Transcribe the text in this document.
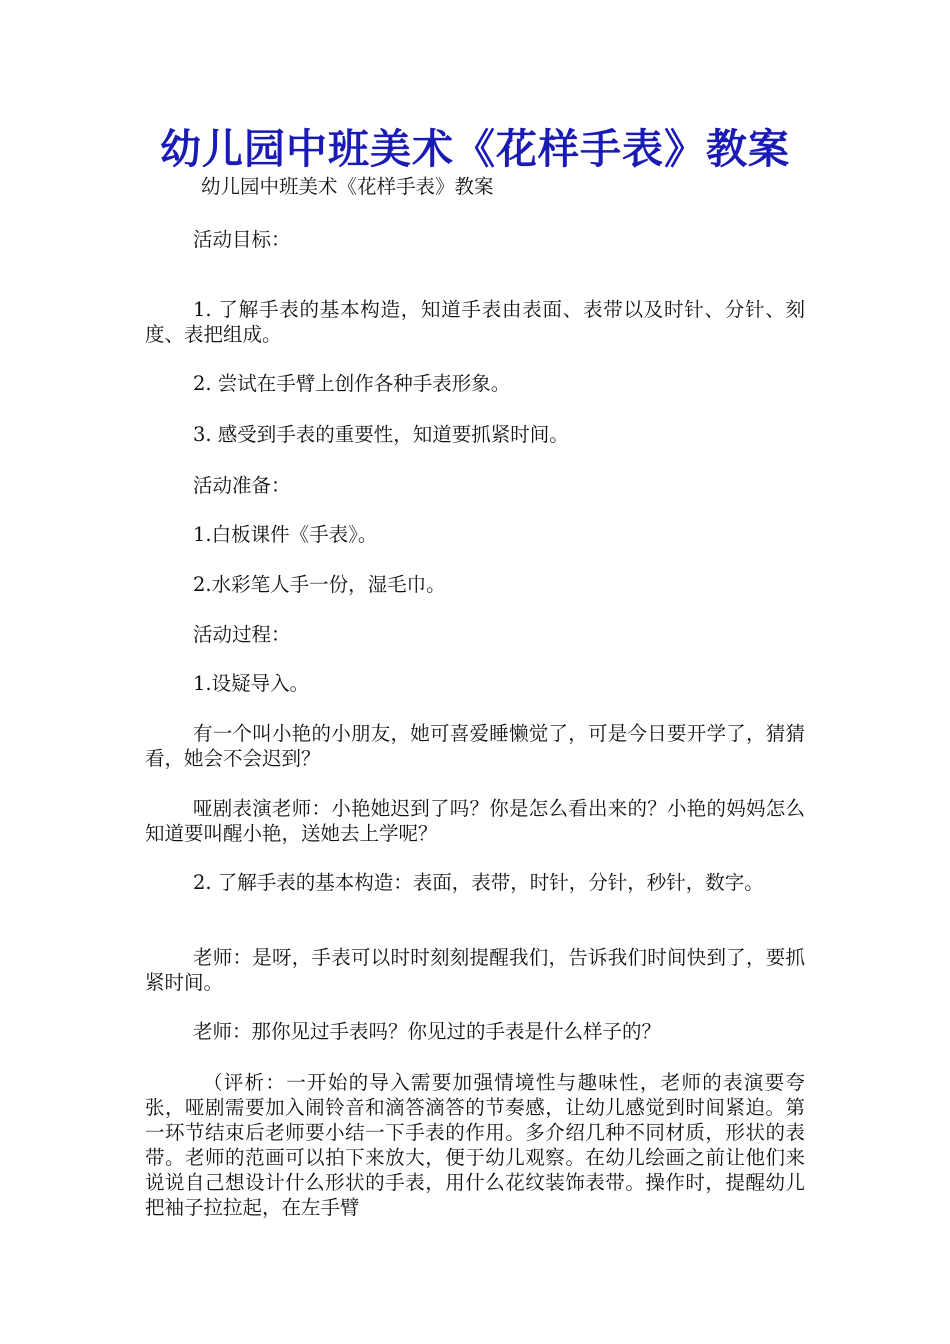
幼儿园中班美术《花样手表》教案

幼儿园中班美术《花样手表》教案

活动目标：

1. 了解手表的基本构造，知道手表由表面、表带以及时针、分针、刻度、表把组成。

2. 尝试在手臂上创作各种手表形象。

3. 感受到手表的重要性，知道要抓紧时间。

活动准备：

1.白板课件《手表》。

2.水彩笔人手一份，湿毛巾。

活动过程：

1.设疑导入。

有一个叫小艳的小朋友，她可喜爱睡懒觉了，可是今日要开学了，猜猜看，她会不会迟到？

哑剧表演老师：小艳她迟到了吗？你是怎么看出来的？小艳的妈妈怎么知道要叫醒小艳，送她去上学呢？

2. 了解手表的基本构造：表面，表带，时针，分针，秒针，数字。

老师：是呀，手表可以时时刻刻提醒我们，告诉我们时间快到了，要抓紧时间。

老师：那你见过手表吗？你见过的手表是什么样子的？

（评析：一开始的导入需要加强情境性与趣味性，老师的表演要夸张，哑剧需要加入闹铃音和滴答滴答的节奏感，让幼儿感觉到时间紧迫。第一环节结束后老师要小结一下手表的作用。多介绍几种不同材质，形状的表带。老师的范画可以拍下来放大，便于幼儿观察。在幼儿绘画之前让他们来说说自己想设计什么形状的手表，用什么花纹装饰表带。操作时，提醒幼儿把袖子拉拉起，在左手臂
